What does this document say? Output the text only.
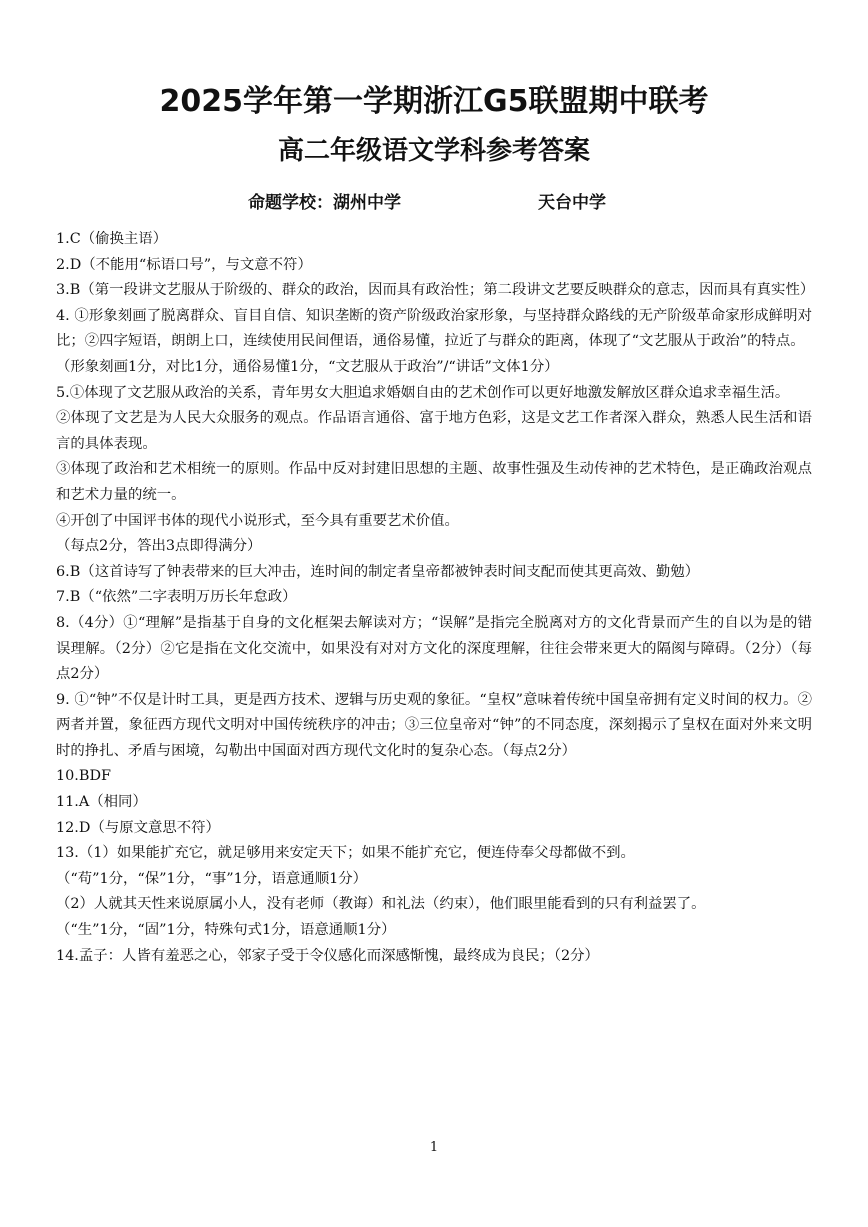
2025学年第一学期浙江G5联盟期中联考
高二年级语文学科参考答案
命题学校：湖州中学	天台中学

1.C（偷换主语）

2.D（不能用“标语口号”，与文意不符）

3.B（第一段讲文艺服从于阶级的、群众的政治，因而具有政治性；第二段讲文艺要反映群众的意志，因而具有真实性）

4. ①形象刻画了脱离群众、盲目自信、知识垄断的资产阶级政治家形象，与坚持群众路线的无产阶级革命家形成鲜明对比；②四字短语，朗朗上口，连续使用民间俚语，通俗易懂，拉近了与群众的距离，体现了“文艺服从于政治”的特点。

（形象刻画1分，对比1分，通俗易懂1分，“文艺服从于政治”/“讲话”文体1分）

5.①体现了文艺服从政治的关系，青年男女大胆追求婚姻自由的艺术创作可以更好地激发解放区群众追求幸福生活。

②体现了文艺是为人民大众服务的观点。作品语言通俗、富于地方色彩，这是文艺工作者深入群众，熟悉人民生活和语言的具体表现。

③体现了政治和艺术相统一的原则。作品中反对封建旧思想的主题、故事性强及生动传神的艺术特色，是正确政治观点和艺术力量的统一。

④开创了中国评书体的现代小说形式，至今具有重要艺术价值。

（每点2分，答出3点即得满分）

6.B（这首诗写了钟表带来的巨大冲击，连时间的制定者皇帝都被钟表时间支配而使其更高效、勤勉）

7.B（“依然”二字表明万历长年怠政）

8.（4分）①“理解”是指基于自身的文化框架去解读对方；“误解”是指完全脱离对方的文化背景而产生的自以为是的错误理解。（2分）②它是指在文化交流中，如果没有对对方文化的深度理解，往往会带来更大的隔阂与障碍。（2分）（每点2分）

9. ①“钟”不仅是计时工具，更是西方技术、逻辑与历史观的象征。“皇权”意味着传统中国皇帝拥有定义时间的权力。②两者并置，象征西方现代文明对中国传统秩序的冲击；③三位皇帝对“钟”的不同态度，深刻揭示了皇权在面对外来文明时的挣扎、矛盾与困境，勾勒出中国面对西方现代文化时的复杂心态。（每点2分）

10.BDF

11.A（相同）

12.D（与原文意思不符）

13.（1）如果能扩充它，就足够用来安定天下；如果不能扩充它，便连侍奉父母都做不到。

（“苟”1分，“保”1分，“事”1分，语意通顺1分）

（2）人就其天性来说原属小人，没有老师（教诲）和礼法（约束），他们眼里能看到的只有利益罢了。

（“生”1分，“固”1分，特殊句式1分，语意通顺1分）

14.孟子：人皆有羞恶之心，邻家子受于令仪感化而深感惭愧，最终成为良民；（2分）

1
